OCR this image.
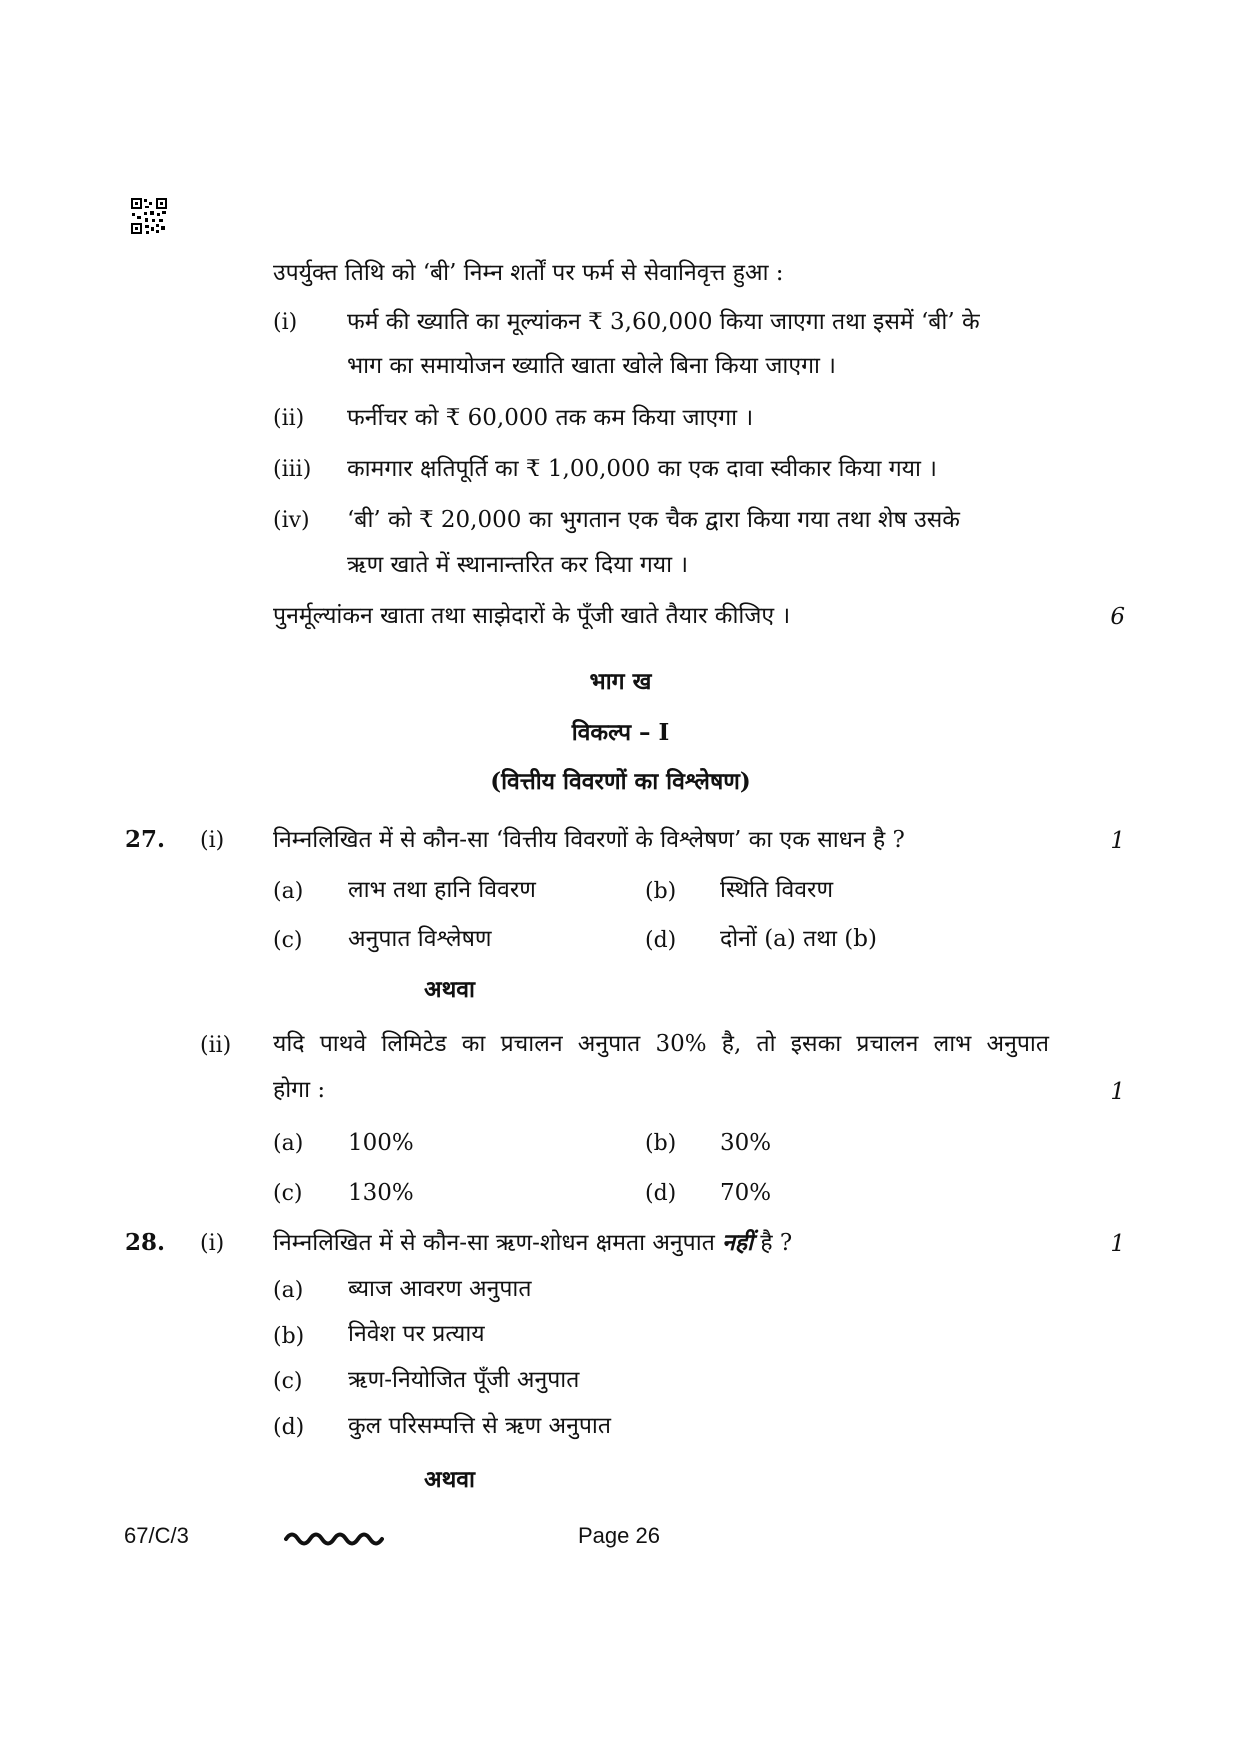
उपर्युक्त तिथि को ‘बी’ निम्न शर्तों पर फर्म से सेवानिवृत्त हुआ :
(i) फर्म की ख्याति का मूल्यांकन ₹ 3,60,000 किया जाएगा तथा इसमें ‘बी’ के
भाग का समायोजन ख्याति खाता खोले बिना किया जाएगा ।
(ii) फर्नीचर को ₹ 60,000 तक कम किया जाएगा ।
(iii) कामगार क्षतिपूर्ति का ₹ 1,00,000 का एक दावा स्वीकार किया गया ।
(iv) ‘बी’ को ₹ 20,000 का भुगतान एक चैक द्वारा किया गया तथा शेष उसके
ऋण खाते में स्थानान्तरित कर दिया गया ।
पुनर्मूल्यांकन खाता तथा साझेदारों के पूँजी खाते तैयार कीजिए ।	6
भाग ख
विकल्प – I
(वित्तीय विवरणों का विश्लेषण)
27. (i) निम्नलिखित में से कौन-सा ‘वित्तीय विवरणों के विश्लेषण’ का एक साधन है ?	1
(a) लाभ तथा हानि विवरण	(b) स्थिति विवरण
(c) अनुपात विश्लेषण	(d) दोनों (a) तथा (b)
अथवा
(ii) यदि पाथवे लिमिटेड का प्रचालन अनुपात 30% है, तो इसका प्रचालन लाभ अनुपात
होगा :	1
(a) 100%	(b) 30%
(c) 130%	(d) 70%
28. (i) निम्नलिखित में से कौन-सा ऋण-शोधन क्षमता अनुपात नहीं है ?	1
(a) ब्याज आवरण अनुपात
(b) निवेश पर प्रत्याय
(c) ऋण-नियोजित पूँजी अनुपात
(d) कुल परिसम्पत्ति से ऋण अनुपात
अथवा
67/C/3	Page 26
